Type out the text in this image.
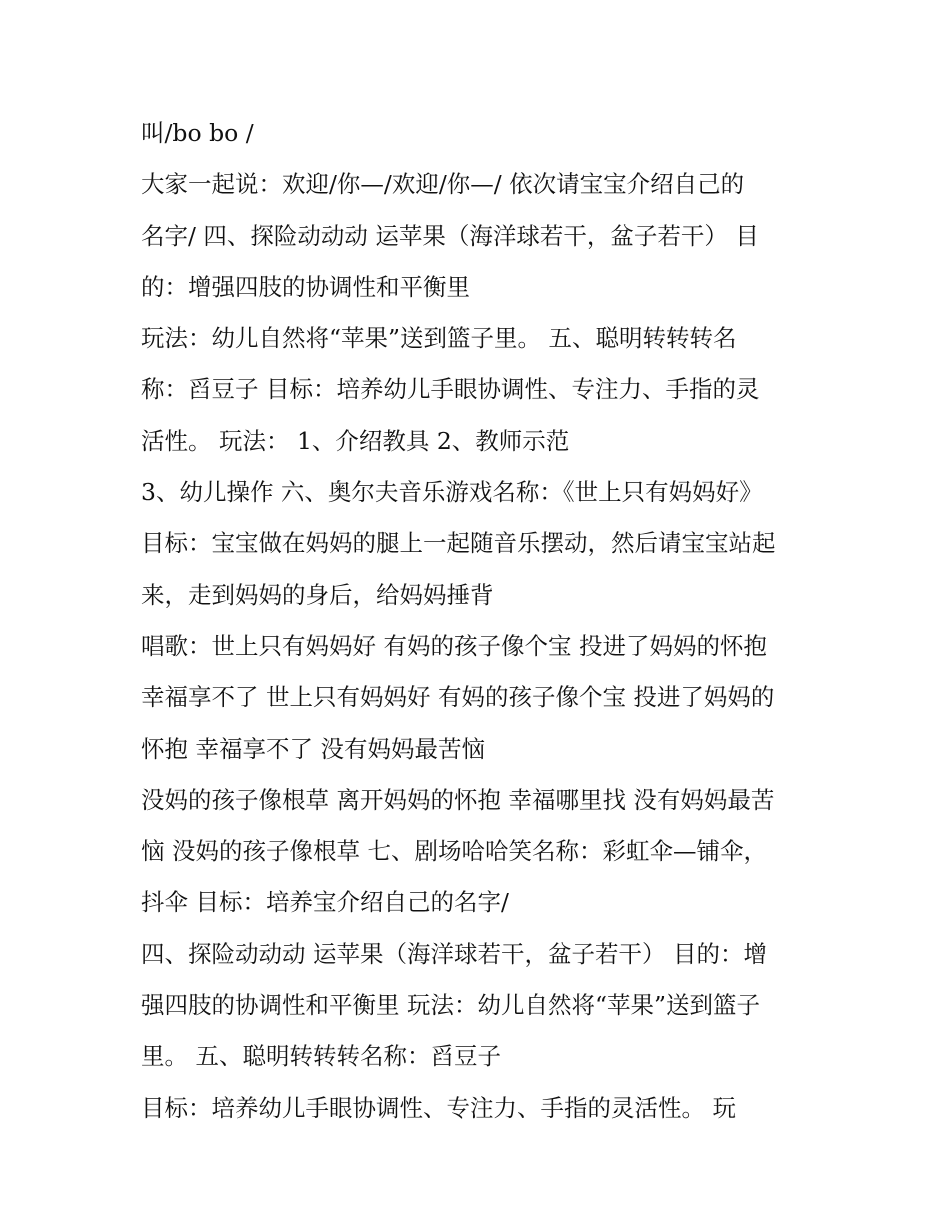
叫/bo bo /
大家一起说：欢迎/你—/欢迎/你—/ 依次请宝宝介绍自己的
名字/ 四、探险动动动 运苹果（海洋球若干，盆子若干） 目
的：增强四肢的协调性和平衡里
玩法：幼儿自然将“苹果”送到篮子里。 五、聪明转转转名
称：舀豆子 目标：培养幼儿手眼协调性、专注力、手指的灵
活性。 玩法： 1、介绍教具 2、教师示范
3、幼儿操作 六、奥尔夫音乐游戏名称：《世上只有妈妈好》
目标：宝宝做在妈妈的腿上一起随音乐摆动，然后请宝宝站起
来，走到妈妈的身后，给妈妈捶背
唱歌：世上只有妈妈好 有妈的孩子像个宝 投进了妈妈的怀抱
幸福享不了 世上只有妈妈好 有妈的孩子像个宝 投进了妈妈的
怀抱 幸福享不了 没有妈妈最苦恼
没妈的孩子像根草 离开妈妈的怀抱 幸福哪里找 没有妈妈最苦
恼 没妈的孩子像根草 七、剧场哈哈笑名称：彩虹伞—铺伞，
抖伞 目标：培养宝介绍自己的名字/
四、探险动动动 运苹果（海洋球若干，盆子若干） 目的：增
强四肢的协调性和平衡里 玩法：幼儿自然将“苹果”送到篮子
里。 五、聪明转转转名称：舀豆子
目标：培养幼儿手眼协调性、专注力、手指的灵活性。 玩
